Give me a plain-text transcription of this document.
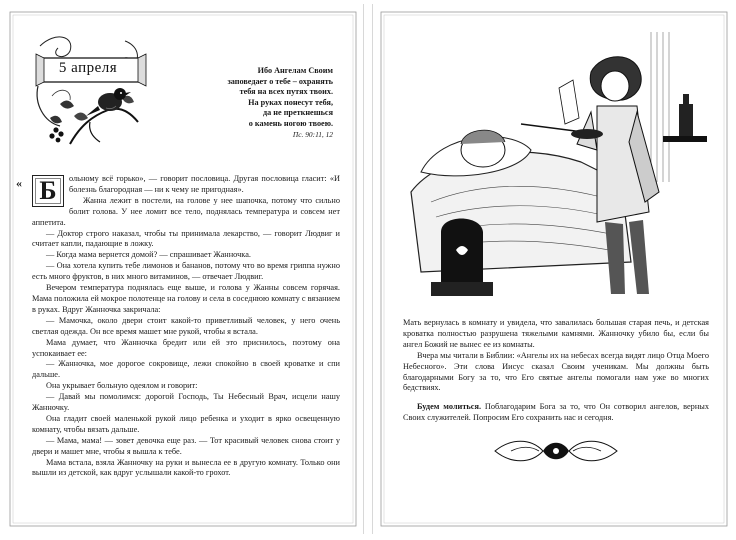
5 апреля	Ибо Ангелам Своим
заповедает о тебе – охранять
тебя на всех путях твоих.
На руках понесут тебя,
да не преткнешься
о камень ногою твоею.
Пс. 90:11, 12
« Б	ольному всё горько», — говорит пословица. Другая пословица гласит: «И болезнь благородная — ни к чему не пригодная».

Жанна лежит в постели, на голове у нее шапочка, потому что сильно болит голова. У нее ломит все тело, поднялась температура и совсем нет аппетита.

— Доктор строго наказал, чтобы ты принимала лекарство, — говорит Людвиг и считает капли, падающие в ложку.

— Когда мама вернется домой? — спрашивает Жанночка.

— Она хотела купить тебе лимонов и бананов, потому что во время гриппа нужно есть много фруктов, в них много витаминов, — отвечает Людвиг.

Вечером температура поднялась еще выше, и голова у Жанны совсем горячая. Мама положила ей мокрое полотенце на голову и села в соседнюю комнату с вязанием в руках. Вдруг Жанночка закричала:

— Мамочка, около двери стоит какой-то приветливый человек, у него очень светлая одежда. Он все время машет мне рукой, чтобы я встала.

Мама думает, что Жанночка бредит или ей это приснилось, поэтому она успокаивает ее:

— Жанночка, мое дорогое сокровище, лежи спокойно в своей кроватке и спи дальше.

Она укрывает больную одеялом и говорит:

— Давай мы помолимся: дорогой Господь, Ты Небесный Врач, исцели нашу Жанночку.

Она гладит своей маленькой рукой лицо ребенка и уходит в ярко освещенную комнату, чтобы вязать дальше.

— Мама, мама! — зовет девочка еще раз. — Тот красивый человек снова стоит у двери и машет мне, чтобы я вышла к тебе.

Мама встала, взяла Жанночку на руки и вынесла ее в другую комнату. Только они вышли из детской, как вдруг услышали какой-то грохот.

Мать вернулась в комнату и увидела, что завалилась большая старая печь, и детская кроватка полностью разрушена тяжелыми камнями. Жанночку убило бы, если бы ангел Божий не вынес ее из комнаты.

Вчера мы читали в Библии: «Ангелы их на небесах всегда видят лицо Отца Моего Небесного». Эти слова Иисус сказал Своим ученикам. Мы должны быть благодарными Богу за то, что Его святые ангелы помогали нам уже во многих бедствиях.

Будем молиться. Поблагодарим Бога за то, что Он сотворил ангелов, верных Своих служителей. Попросим Его сохранить нас и сегодня.
